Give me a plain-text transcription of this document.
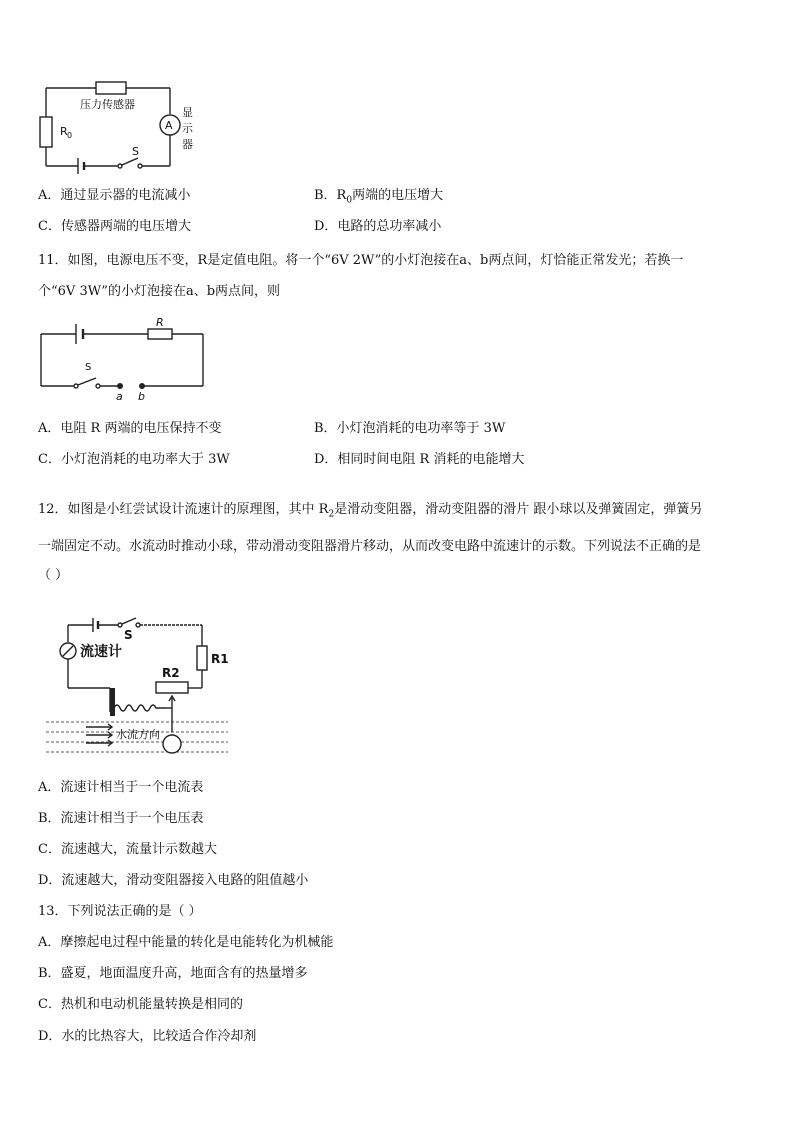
压力传感器
R 0
A
显
示
器
S
A．通过显示器的电流减小	B．$R_0$两端的电压增大
C．传感器两端的电压增大	D．电路的总功率减小
11．如图，电源电压不变，R是定值电阻。将一个“6V 2W”的小灯泡接在a、b两点间，灯恰能正常发光；若换一
个“6V 3W”的小灯泡接在a、b两点间，则
R
S
a b
A．电阻 R 两端的电压保持不变	B．小灯泡消耗的电功率等于 3W
C．小灯泡消耗的电功率大于 3W	D．相同时间电阻 R 消耗的电能增大
12．如图是小红尝试设计流速计的原理图，其中 $R_2$是滑动变阻器，滑动变阻器的滑片 跟小球以及弹簧固定，弹簧另
一端固定不动。水流动时推动小球，带动滑动变阻器滑片移动，从而改变电路中流速计的示数。下列说法不正确的是
（ ）
S
流速计	R1
R2
水流方向
A．流速计相当于一个电流表
B．流速计相当于一个电压表
C．流速越大，流量计示数越大
D．流速越大，滑动变阻器接入电路的阻值越小
13．下列说法正确的是（ ）
A．摩擦起电过程中能量的转化是电能转化为机械能
B．盛夏，地面温度升高，地面含有的热量增多
C．热机和电动机能量转换是相同的
D．水的比热容大，比较适合作冷却剂
